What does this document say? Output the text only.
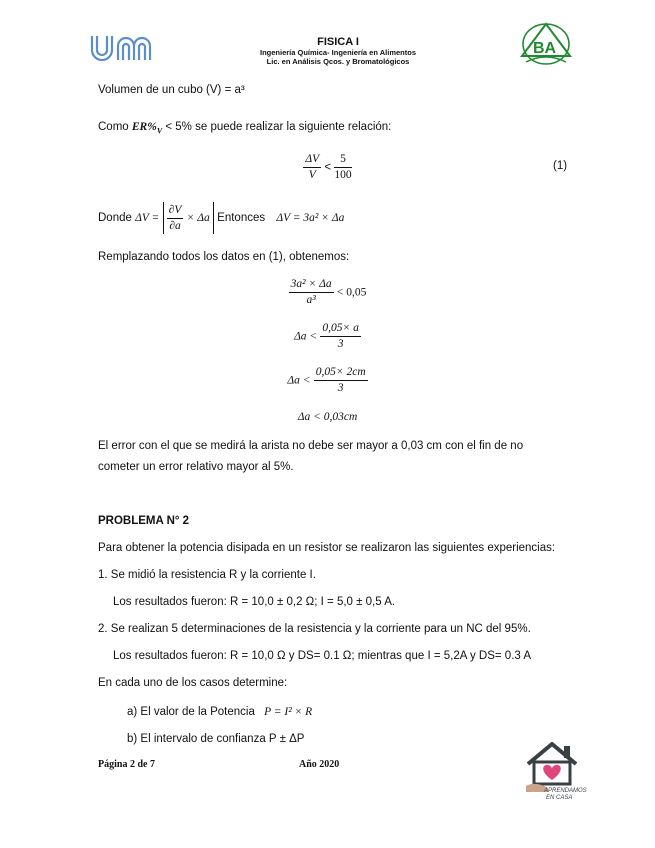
um
FISICA I
Ingeniería Química- Ingeniería en Alimentos
Lic. en Análisis Qcos. y Bromatológicos
BA
Volumen de un cubo (V) = a³
Como $ER\%_V < 5\%$ se puede realizar la siguiente relación:
$\frac{\Delta V}{V} < \frac{5}{100}$	(1)
Donde $\Delta V = \frac{\partial V}{\partial a} \times \Delta a$ Entonces ΔV = 3a² × Δa
Remplazando todos los datos en (1), obtenemos:
$\frac{\text{3a² × Δa}}{\text{a³}} < 0,05$
$\Delta a < \frac{0,05\times a}{3}$
$\Delta a < \frac{0,05\times 2cm}{3}$
Δa < 0,03cm
El error con el que se medirá la arista no debe ser mayor a 0,03 cm con el fin de no
cometer un error relativo mayor al 5%.
PROBLEMA N° 2
Para obtener la potencia disipada en un resistor se realizaron las siguientes experiencias:
1. Se midió la resistencia R y la corriente I.
Los resultados fueron: R = 10,0 ± 0,2 Ω; I = 5,0 ± 0,5 A.
2. Se realizan 5 determinaciones de la resistencia y la corriente para un NC del 95%.
Los resultados fueron: R = 10,0 Ω y DS= 0.1 Ω; mientras que I = 5,2A y DS= 0.3 A
En cada uno de los casos determine:
a) El valor de la Potencia P = I² × R
b) El intervalo de confianza P ± ΔP
Página 2 de 7	Año 2020
APRENDAMOS
EN CASA
